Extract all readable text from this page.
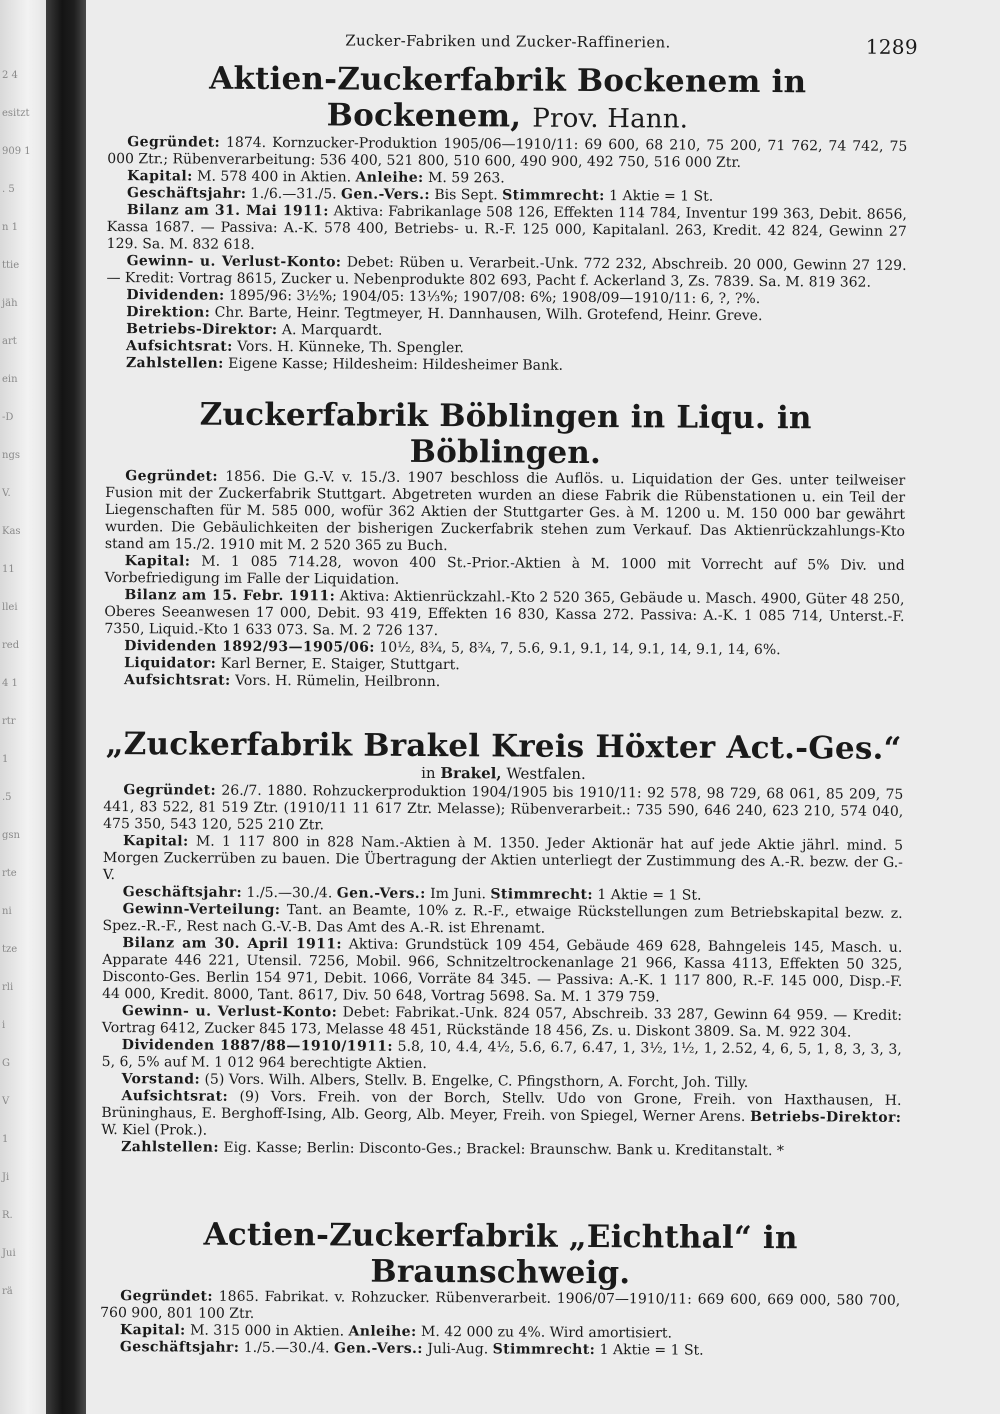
2 4
esitzt
909 1
. 5
n 1
ttie
jäh
art
ein
-D
ngs
V.
Kas
11
llei
red
4 1
rtr
1
.5
gsn
rte
ni
tze
rli
i
G
V
1
Ji
R.
Jui
rä
Zucker-Fabriken und Zucker-Raffinerien.	1289
Aktien-Zuckerfabrik Bockenem in Bockenem, Prov. Hann.

Gegründet: 1874. Kornzucker-Produktion 1905/06—1910/11: 69 600, 68 210, 75 200, 71 762, 74 742, 75 000 Ztr.; Rübenverarbeitung: 536 400, 521 800, 510 600, 490 900, 492 750, 516 000 Ztr.

Kapital: M. 578 400 in Aktien. Anleihe: M. 59 263.

Geschäftsjahr: 1./6.—31./5. Gen.-Vers.: Bis Sept. Stimmrecht: 1 Aktie = 1 St.

Bilanz am 31. Mai 1911: Aktiva: Fabrikanlage 508 126, Effekten 114 784, Inventur 199 363, Debit. 8656, Kassa 1687. — Passiva: A.-K. 578 400, Betriebs- u. R.-F. 125 000, Kapitalanl. 263, Kredit. 42 824, Gewinn 27 129. Sa. M. 832 618.

Gewinn- u. Verlust-Konto: Debet: Rüben u. Verarbeit.-Unk. 772 232, Abschreib. 20 000, Gewinn 27 129. — Kredit: Vortrag 8615, Zucker u. Nebenprodukte 802 693, Pacht f. Ackerland 3, Zs. 7839. Sa. M. 819 362.

Dividenden: 1895/96: 3½%; 1904/05: 13⅓%; 1907/08: 6%; 1908/09—1910/11: 6, ?, ?%.

Direktion: Chr. Barte, Heinr. Tegtmeyer, H. Dannhausen, Wilh. Grotefend, Heinr. Greve.

Betriebs-Direktor: A. Marquardt.

Aufsichtsrat: Vors. H. Künneke, Th. Spengler.

Zahlstellen: Eigene Kasse; Hildesheim: Hildesheimer Bank.

Zuckerfabrik Böblingen in Liqu. in Böblingen.

Gegründet: 1856. Die G.-V. v. 15./3. 1907 beschloss die Auflös. u. Liquidation der Ges. unter teilweiser Fusion mit der Zuckerfabrik Stuttgart. Abgetreten wurden an diese Fabrik die Rübenstationen u. ein Teil der Liegenschaften für M. 585 000, wofür 362 Aktien der Stuttgarter Ges. à M. 1200 u. M. 150 000 bar gewährt wurden. Die Gebäulichkeiten der bisherigen Zuckerfabrik stehen zum Verkauf. Das Aktienrückzahlungs-Kto stand am 15./2. 1910 mit M. 2 520 365 zu Buch.

Kapital: M. 1 085 714.28, wovon 400 St.-Prior.-Aktien à M. 1000 mit Vorrecht auf 5% Div. und Vorbefriedigung im Falle der Liquidation.

Bilanz am 15. Febr. 1911: Aktiva: Aktienrückzahl.-Kto 2 520 365, Gebäude u. Masch. 4900, Güter 48 250, Oberes Seeanwesen 17 000, Debit. 93 419, Effekten 16 830, Kassa 272. Passiva: A.-K. 1 085 714, Unterst.-F. 7350, Liquid.-Kto 1 633 073. Sa. M. 2 726 137.

Dividenden 1892/93—1905/06: 10½, 8¾, 5, 8¾, 7, 5.6, 9.1, 9.1, 14, 9.1, 14, 9.1, 14, 6%.

Liquidator: Karl Berner, E. Staiger, Stuttgart.

Aufsichtsrat: Vors. H. Rümelin, Heilbronn.

„Zuckerfabrik Brakel Kreis Höxter Act.-Ges.“

in Brakel, Westfalen.

Gegründet: 26./7. 1880. Rohzuckerproduktion 1904/1905 bis 1910/11: 92 578, 98 729, 68 061, 85 209, 75 441, 83 522, 81 519 Ztr. (1910/11 11 617 Ztr. Melasse); Rübenverarbeit.: 735 590, 646 240, 623 210, 574 040, 475 350, 543 120, 525 210 Ztr.

Kapital: M. 1 117 800 in 828 Nam.-Aktien à M. 1350. Jeder Aktionär hat auf jede Aktie jährl. mind. 5 Morgen Zuckerrüben zu bauen. Die Übertragung der Aktien unterliegt der Zustimmung des A.-R. bezw. der G.-V.

Geschäftsjahr: 1./5.—30./4. Gen.-Vers.: Im Juni. Stimmrecht: 1 Aktie = 1 St.

Gewinn-Verteilung: Tant. an Beamte, 10% z. R.-F., etwaige Rückstellungen zum Betriebskapital bezw. z. Spez.-R.-F., Rest nach G.-V.-B. Das Amt des A.-R. ist Ehrenamt.

Bilanz am 30. April 1911: Aktiva: Grundstück 109 454, Gebäude 469 628, Bahngeleis 145, Masch. u. Apparate 446 221, Utensil. 7256, Mobil. 966, Schnitzeltrockenanlage 21 966, Kassa 4113, Effekten 50 325, Disconto-Ges. Berlin 154 971, Debit. 1066, Vorräte 84 345. — Passiva: A.-K. 1 117 800, R.-F. 145 000, Disp.-F. 44 000, Kredit. 8000, Tant. 8617, Div. 50 648, Vortrag 5698. Sa. M. 1 379 759.

Gewinn- u. Verlust-Konto: Debet: Fabrikat.-Unk. 824 057, Abschreib. 33 287, Gewinn 64 959. — Kredit: Vortrag 6412, Zucker 845 173, Melasse 48 451, Rückstände 18 456, Zs. u. Diskont 3809. Sa. M. 922 304.

Dividenden 1887/88—1910/1911: 5.8, 10, 4.4, 4½, 5.6, 6.7, 6.47, 1, 3½, 1½, 1, 2.52, 4, 6, 5, 1, 8, 3, 3, 3, 5, 6, 5% auf M. 1 012 964 berechtigte Aktien.

Vorstand: (5) Vors. Wilh. Albers, Stellv. B. Engelke, C. Pfingsthorn, A. Forcht, Joh. Tilly.

Aufsichtsrat: (9) Vors. Freih. von der Borch, Stellv. Udo von Grone, Freih. von Haxthausen, H. Brüninghaus, E. Berghoff-Ising, Alb. Georg, Alb. Meyer, Freih. von Spiegel, Werner Arens. Betriebs-Direktor: W. Kiel (Prok.).

Zahlstellen: Eig. Kasse; Berlin: Disconto-Ges.; Brackel: Braunschw. Bank u. Kreditanstalt. *

Actien-Zuckerfabrik „Eichthal“ in Braunschweig.

Gegründet: 1865. Fabrikat. v. Rohzucker. Rübenverarbeit. 1906/07—1910/11: 669 600, 669 000, 580 700, 760 900, 801 100 Ztr.

Kapital: M. 315 000 in Aktien. Anleihe: M. 42 000 zu 4%. Wird amortisiert.

Geschäftsjahr: 1./5.—30./4. Gen.-Vers.: Juli-Aug. Stimmrecht: 1 Aktie = 1 St.
